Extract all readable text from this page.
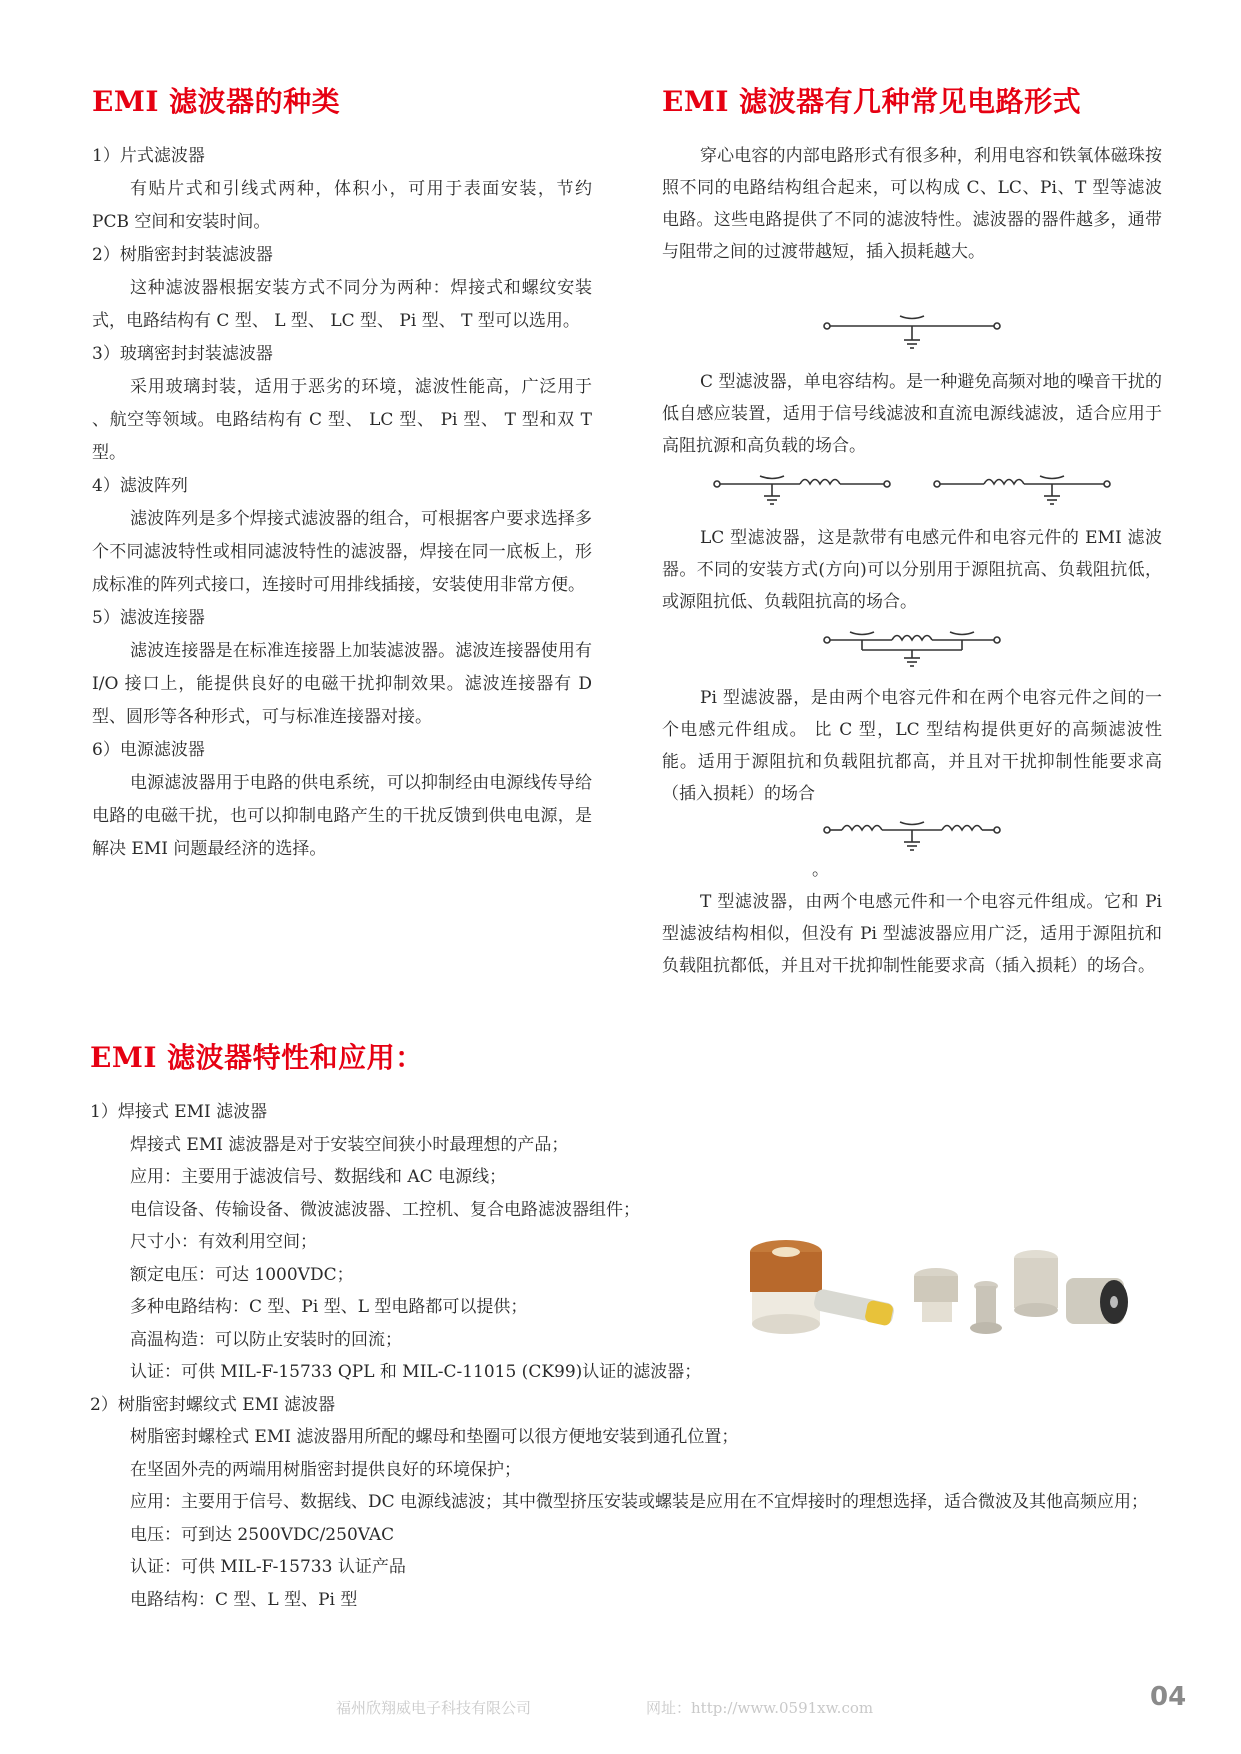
EMI 滤波器的种类

1）片式滤波器

有贴片式和引线式两种，体积小，可用于表面安装，节约 PCB 空间和安装时间。

2）树脂密封封装滤波器

这种滤波器根据安装方式不同分为两种：焊接式和螺纹安装式，电路结构有 C 型、 L 型、 LC 型、 Pi 型、 T 型可以选用。

3）玻璃密封封装滤波器

采用玻璃封装，适用于恶劣的环境，滤波性能高，广泛用于 、航空等领域。电路结构有 C 型、 LC 型、 Pi 型、 T 型和双 T 型。

4）滤波阵列

滤波阵列是多个焊接式滤波器的组合，可根据客户要求选择多个不同滤波特性或相同滤波特性的滤波器，焊接在同一底板上，形成标准的阵列式接口，连接时可用排线插接，安装使用非常方便。

5）滤波连接器

滤波连接器是在标准连接器上加装滤波器。滤波连接器使用有 I/O 接口上，能提供良好的电磁干扰抑制效果。滤波连接器有 D 型、圆形等各种形式，可与标准连接器对接。

6）电源滤波器

电源滤波器用于电路的供电系统，可以抑制经由电源线传导给电路的电磁干扰，也可以抑制电路产生的干扰反馈到供电电源，是解决 EMI 问题最经济的选择。

EMI 滤波器有几种常见电路形式

穿心电容的内部电路形式有很多种，利用电容和铁氧体磁珠按照不同的电路结构组合起来，可以构成 C、LC、Pi、T 型等滤波电路。这些电路提供了不同的滤波特性。滤波器的器件越多，通带与阻带之间的过渡带越短，插入损耗越大。

C 型滤波器，单电容结构。是一种避免高频对地的噪音干扰的低自感应装置，适用于信号线滤波和直流电源线滤波，适合应用于高阻抗源和高负载的场合。

LC 型滤波器，这是款带有电感元件和电容元件的 EMI 滤波器。不同的安装方式(方向)可以分别用于源阻抗高、负载阻抗低，或源阻抗低、负载阻抗高的场合。

Pi 型滤波器，是由两个电容元件和在两个电容元件之间的一个电感元件组成。 比 C 型，LC 型结构提供更好的高频滤波性能。适用于源阻抗和负载阻抗都高，并且对干扰抑制性能要求高（插入损耗）的场合

。

T 型滤波器，由两个电感元件和一个电容元件组成。它和 Pi 型滤波结构相似，但没有 Pi 型滤波器应用广泛，适用于源阻抗和负载阻抗都低，并且对干扰抑制性能要求高（插入损耗）的场合。

EMI 滤波器特性和应用：

1）焊接式 EMI 滤波器

焊接式 EMI 滤波器是对于安装空间狭小时最理想的产品；

应用：主要用于滤波信号、数据线和 AC 电源线；

电信设备、传输设备、微波滤波器、工控机、复合电路滤波器组件；

尺寸小：有效利用空间；

额定电压：可达 1000VDC；

多种电路结构：C 型、Pi 型、L 型电路都可以提供；

高温构造：可以防止安装时的回流；

认证：可供 MIL-F-15733 QPL 和 MIL-C-11015 (CK99)认证的滤波器；

2）树脂密封螺纹式 EMI 滤波器

树脂密封螺栓式 EMI 滤波器用所配的螺母和垫圈可以很方便地安装到通孔位置；

在坚固外壳的两端用树脂密封提供良好的环境保护；

应用：主要用于信号、数据线、DC 电源线滤波；其中微型挤压安装或螺装是应用在不宜焊接时的理想选择，适合微波及其他高频应用；

电压：可到达 2500VDC/250VAC

认证：可供 MIL-F-15733 认证产品

电路结构：C 型、L 型、Pi 型

福州欣翔威电子科技有限公司	网址：http://www.0591xw.com	04
